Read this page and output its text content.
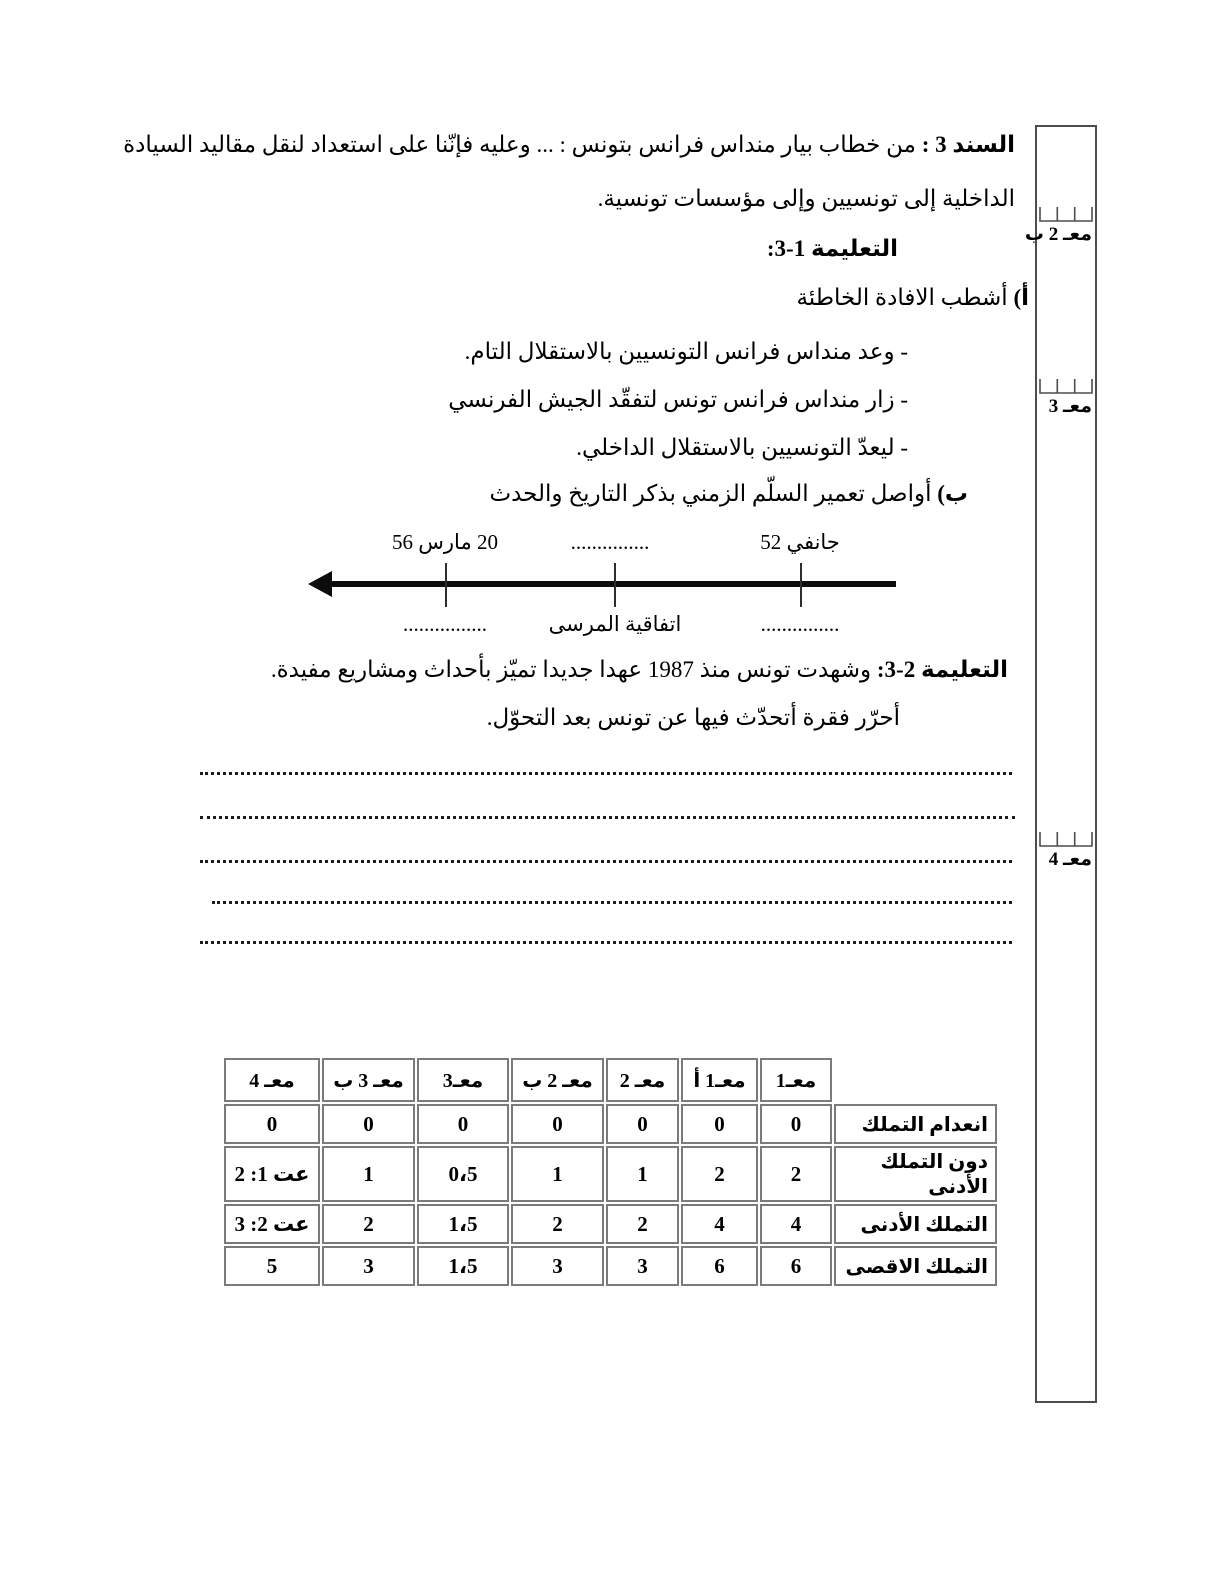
السند 3 : من خطاب بيار منداس فرانس بتونس : ... وعليه فإنّنا على استعداد لنقل مقاليد السيادة
الداخلية إلى تونسيين وإلى مؤسسات تونسية.
التعليمة 1-3:
أ) أشطب الافادة الخاطئة
- وعد منداس فرانس التونسيين بالاستقلال التام.
- زار منداس فرانس تونس لتفقّد الجيش الفرنسي
- ليعدّ التونسيين بالاستقلال الداخلي.
ب) أواصل تعمير السلّم الزمني بذكر التاريخ والحدث
20 مارس 56	...............	جانفي 52
................	اتفاقية المرسى	...............
التعليمة 2-3: وشهدت تونس منذ 1987 عهدا جديدا تميّز بأحداث ومشاريع مفيدة.
أحرّر فقرة أتحدّث فيها عن تونس بعد التحوّل.
	معـ1	معـ1 أ	معـ 2	معـ 2 ب	معـ3	معـ 3 ب	معـ 4
انعدام التملك	0	0	0	0	0	0	0
دون التملك الأدنى	2	2	1	1	0،5	1	عت 1: 2
التملك الأدنى	4	4	2	2	1،5	2	عت 2: 3
التملك الاقصى	6	6	3	3	1،5	3	5
معـ 2 ب
معـ 3
معـ 4
